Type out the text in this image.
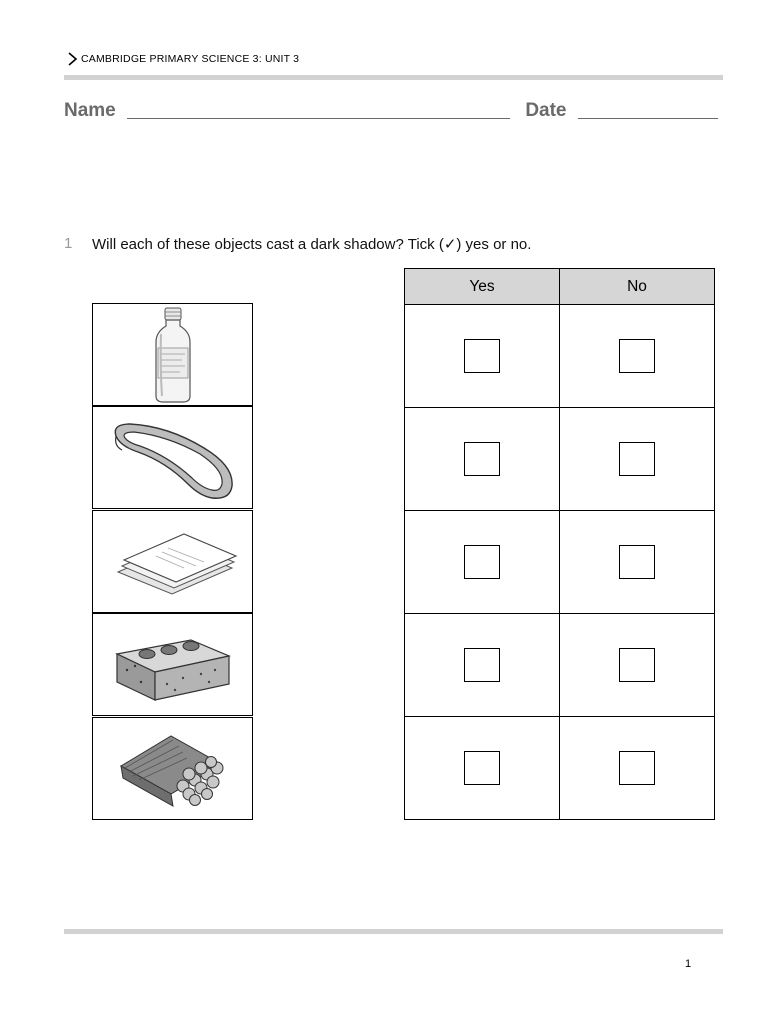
CAMBRIDGE PRIMARY SCIENCE 3: UNIT 3
Name	Date
1 Will each of these objects cast a dark shadow? Tick (✓) yes or no.
Yes	No

1
